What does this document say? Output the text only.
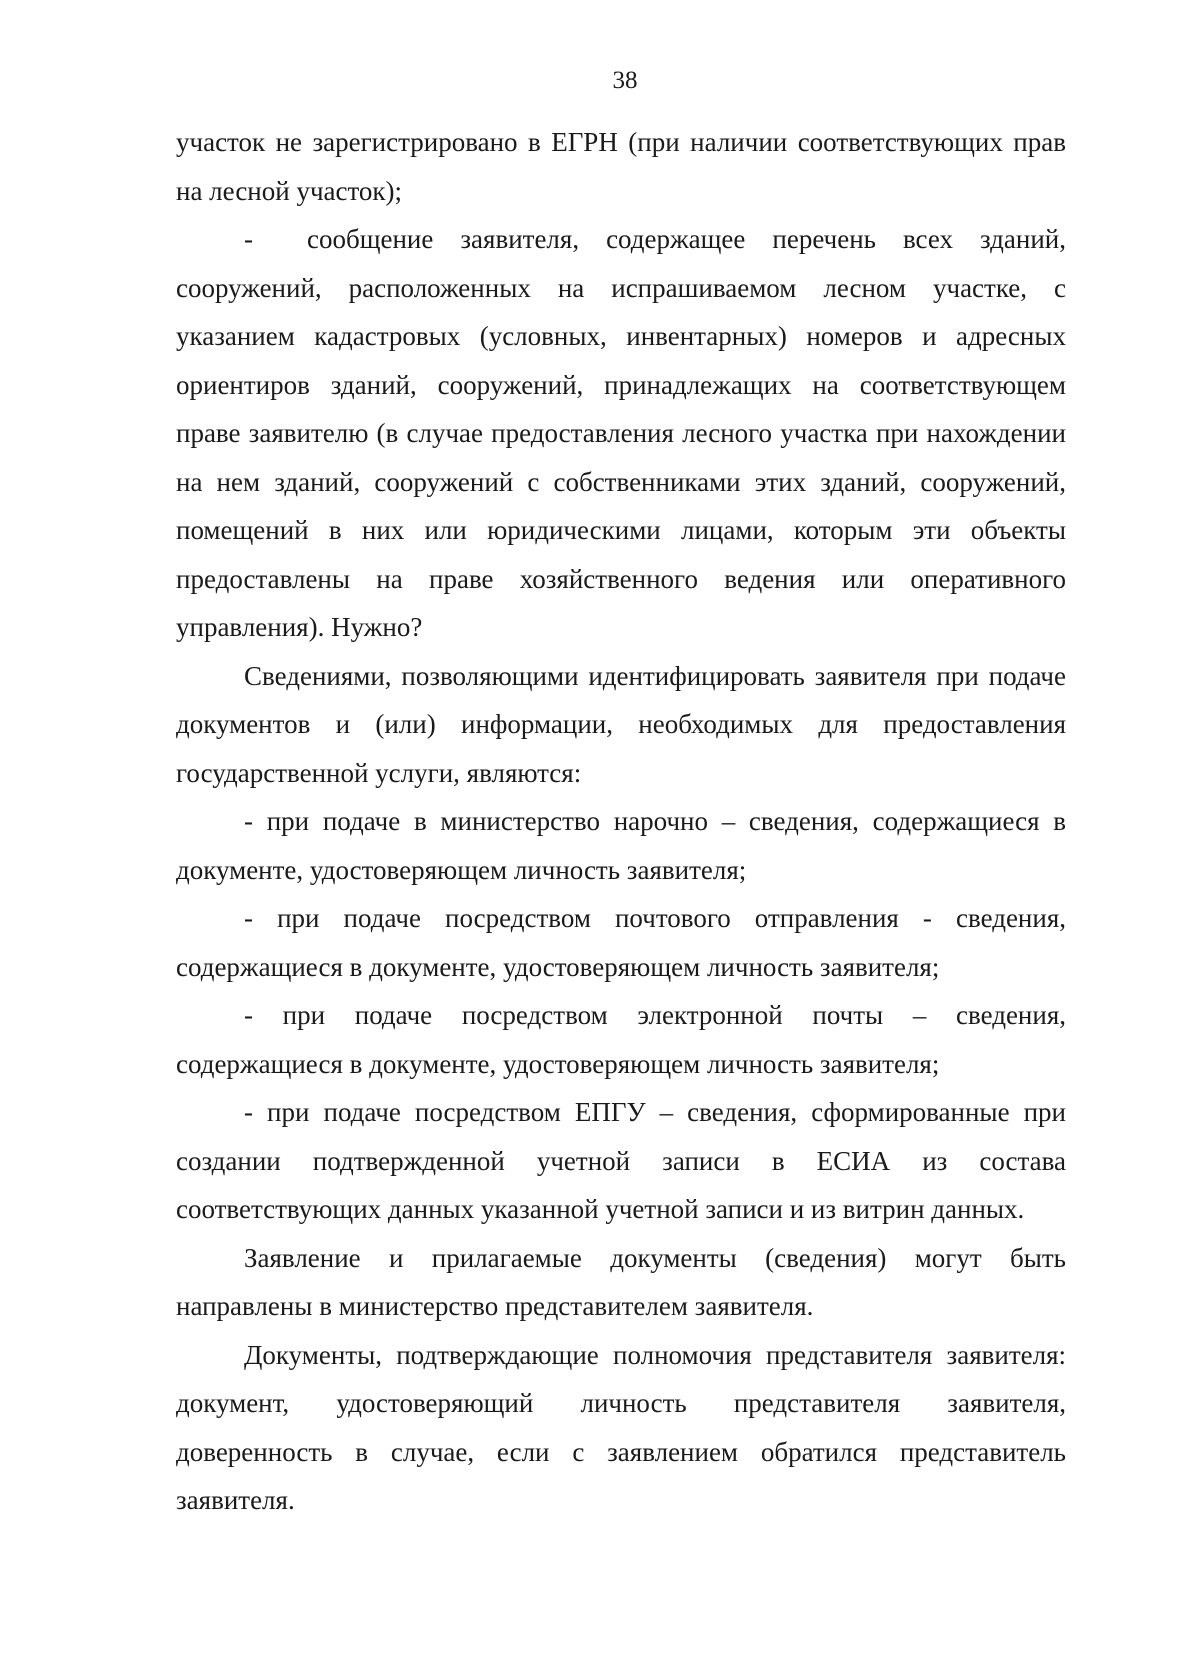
38

участок не зарегистрировано в ЕГРН (при наличии соответствующих прав на лесной участок);

-  сообщение заявителя, содержащее перечень всех зданий, сооружений, расположенных на испрашиваемом лесном участке, с указанием кадастровых (условных, инвентарных) номеров и адресных ориентиров зданий, сооружений, принадлежащих на соответствующем праве заявителю (в случае предоставления лесного участка при нахождении на нем зданий, сооружений с собственниками этих зданий, сооружений, помещений в них или юридическими лицами, которым эти объекты предоставлены на праве хозяйственного ведения или оперативного управления). Нужно?

Сведениями, позволяющими идентифицировать заявителя при подаче документов и (или) информации, необходимых для предоставления государственной услуги, являются:

- при подаче в министерство нарочно – сведения, содержащиеся в документе, удостоверяющем личность заявителя;

- при подаче посредством почтового отправления - сведения, содержащиеся в документе, удостоверяющем личность заявителя;

- при подаче посредством электронной почты – сведения, содержащиеся в документе, удостоверяющем личность заявителя;

- при подаче посредством ЕПГУ – сведения, сформированные при создании подтвержденной учетной записи в ЕСИА из состава соответствующих данных указанной учетной записи и из витрин данных.

Заявление и прилагаемые документы (сведения) могут быть направлены в министерство представителем заявителя.

Документы, подтверждающие полномочия представителя заявителя: документ, удостоверяющий личность представителя заявителя, доверенность в случае, если с заявлением обратился представитель заявителя.
